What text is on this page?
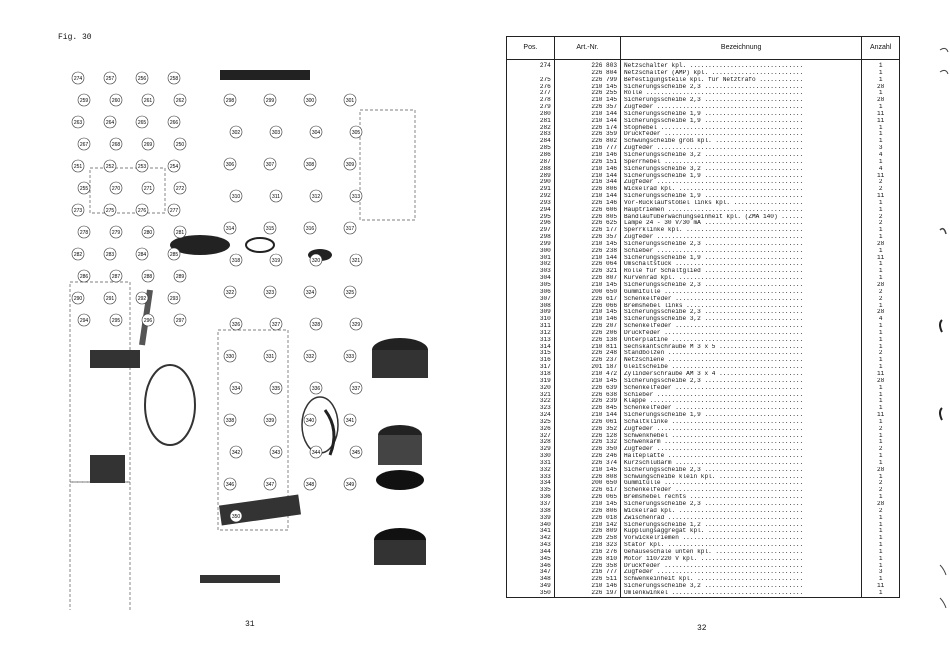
Fig. 30
274	257	256	258
259	260	261	262
263	264	265	266
267	268	269	250
251	252	253	254
255	270	271	272
273	275	276	277
278	279	280	281
282	283	284	285
286	287	288	289
290	291	292	293
294	295	296	297
298	299	300	301
302	303	304	305
306	307	308	309
310	311	312	313
314	315	316	317
318	319	320	321
322	323	324	325
326	327	328	329
330	331	332	333
334	335	336	337
338	339	340	341
342	343	344	345
346	347	348	349
350
31
Pos.	Art.-Nr.	Bezeichnung	Anzahl
274	226 803	Netzschalter kpl. ...............................	1
	226 804	Netzschalter (AMP) kpl. .........................	1
275	226 799	Befestigungsteile kpl. für Netztrafo ............	1
276	210 145	Sicherungsscheibe 2,3 ...........................	28
277	226 255	Rolle ...........................................	1
278	210 145	Sicherungsscheibe 2,3 ...........................	28
279	226 357	Zugfeder ........................................	1
280	210 144	Sicherungsscheibe 1,9 ...........................	11
281	210 144	Sicherungsscheibe 1,9 ...........................	11
282	226 174	Stophebel .......................................	1
283	226 359	Druckfeder ......................................	1
284	226 802	Schwungscheibe groß kpl. ........................	1
285	216 777	Zugfeder ........................................	3
286	210 146	Sicherungsscheibe 3,2 ...........................	4
287	226 151	Sperrhebel ......................................	1
288	210 146	Sicherungsscheibe 3,2 ...........................	4
289	210 144	Sicherungsscheibe 1,9 ...........................	11
290	216 344	Zugfeder ........................................	2
291	226 806	Wickelrad kpl. ..................................	2
292	210 144	Sicherungsscheibe 1,9 ...........................	11
293	226 146	Vor-Rücklaufstößel links kpl. ...................	1
294	226 606	Hauptriemen .....................................	1
295	226 805	Bandlaufüberwachungseinheit kpl. (ZMA 140) ......	2
296	226 625	Lampe 24 - 30 V/30 mA ...........................	2
297	226 177	Sperrklinke kpl. ................................	1
298	226 357	Zugfeder ........................................	1
299	210 145	Sicherungsscheibe 2,3 ...........................	28
300	226 238	Schieber ........................................	1
301	210 144	Sicherungsscheibe 1,9 ...........................	11
302	226 064	Umschaltstück ...................................	1
303	226 321	Rolle für Schaltglied ...........................	1
304	226 807	Kurvenrad kpl. ..................................	1
305	210 145	Sicherungsscheibe 2,3 ...........................	28
306	200 650	Gummitülle ......................................	2
307	226 617	Schenkelfeder ...................................	2
308	226 066	Bremshebel links ................................	1
309	210 145	Sicherungsscheibe 2,3 ...........................	28
310	210 146	Sicherungsscheibe 3,2 ...........................	4
311	226 207	Schenkelfeder ...................................	1
312	226 206	Druckfeder ......................................	1
313	226 138	Unterplatine ....................................	1
314	210 811	Sechskantschraube M 3 x 5 .......................	1
315	226 248	Standbolzen .....................................	2
316	226 237	Netzschiene .....................................	1
317	201 187	Gleitscheibe ....................................	1
318	210 472	Zylinderschraube AM 3 x 4 .......................	11
319	210 145	Sicherungsscheibe 2,3 ...........................	28
320	226 639	Schenkelfeder ...................................	1
321	226 638	Schieber ........................................	1
322	226 239	Klappe ..........................................	1
323	226 845	Schenkelfeder ...................................	1
324	210 144	Sicherungsscheibe 1,9 ...........................	11
325	226 061	Schaltklinke ....................................	1
326	226 352	Zugfeder ........................................	2
327	226 128	Schwenkhebel ....................................	1
328	226 132	Schwenkarm ......................................	1
329	226 350	Zugfeder ........................................	2
330	226 246	Halteplatte .....................................	1
331	226 374	Kurzschlußarm ...................................	1
332	210 145	Sicherungsscheibe 2,3 ...........................	28
333	226 808	Schwungscheibe klein kpl. .......................	1
334	200 650	Gummitülle ......................................	2
335	226 617	Schenkelfeder ...................................	2
336	226 065	Bremshebel rechts ...............................	1
337	210 145	Sicherungsscheibe 2,3 ...........................	28
338	226 806	Wickelrad kpl. ..................................	2
339	226 018	Zwischenrad .....................................	1
340	210 142	Sicherungsscheibe 1,2 ...........................	1
341	226 809	Kupplungsaggregat kpl. ..........................	1
342	226 258	Vorwickelriemen .................................	1
343	218 323	Stator kpl. .....................................	1
344	216 276	Gehäuseschale unten kpl. ........................	1
345	226 810	Motor 110/220 V kpl. ............................	1
346	226 358	Druckfeder ......................................	1
347	216 777	Zugfeder ........................................	3
348	226 511	Schwenkeinheit kpl. .............................	1
349	210 146	Sicherungsscheibe 3,2 ...........................	11
350	226 197	Umlenkwinkel ....................................	1
32
